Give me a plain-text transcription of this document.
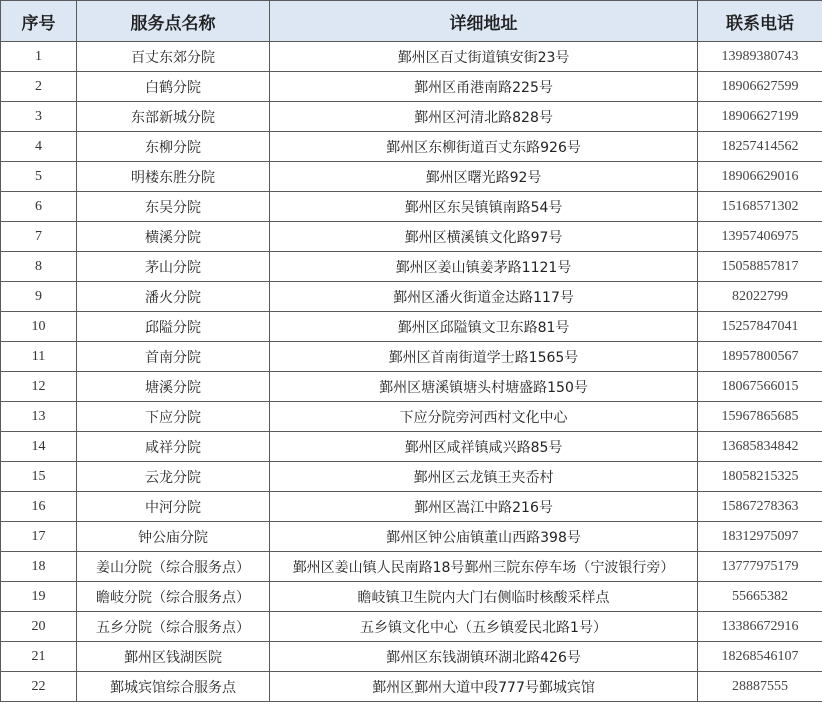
序号	服务点名称	详细地址	联系电话
1	百丈东郊分院	鄞州区百丈街道镇安街23号	13989380743
2	白鹤分院	鄞州区甬港南路225号	18906627599
3	东部新城分院	鄞州区河清北路828号	18906627199
4	东柳分院	鄞州区东柳街道百丈东路926号	18257414562
5	明楼东胜分院	鄞州区曙光路92号	18906629016
6	东吴分院	鄞州区东吴镇镇南路54号	15168571302
7	横溪分院	鄞州区横溪镇文化路97号	13957406975
8	茅山分院	鄞州区姜山镇姜茅路1121号	15058857817
9	潘火分院	鄞州区潘火街道金达路117号	82022799
10	邱隘分院	鄞州区邱隘镇文卫东路81号	15257847041
11	首南分院	鄞州区首南街道学士路1565号	18957800567
12	塘溪分院	鄞州区塘溪镇塘头村塘盛路150号	18067566015
13	下应分院	下应分院旁河西村文化中心	15967865685
14	咸祥分院	鄞州区咸祥镇咸兴路85号	13685834842
15	云龙分院	鄞州区云龙镇王夹岙村	18058215325
16	中河分院	鄞州区嵩江中路216号	15867278363
17	钟公庙分院	鄞州区钟公庙镇董山西路398号	18312975097
18	姜山分院（综合服务点）	鄞州区姜山镇人民南路18号鄞州三院东停车场（宁波银行旁）	13777975179
19	瞻岐分院（综合服务点）	瞻岐镇卫生院内大门右侧临时核酸采样点	55665382
20	五乡分院（综合服务点）	五乡镇文化中心（五乡镇爱民北路1号）	13386672916
21	鄞州区钱湖医院	鄞州区东钱湖镇环湖北路426号	18268546107
22	鄞城宾馆综合服务点	鄞州区鄞州大道中段777号鄞城宾馆	28887555
